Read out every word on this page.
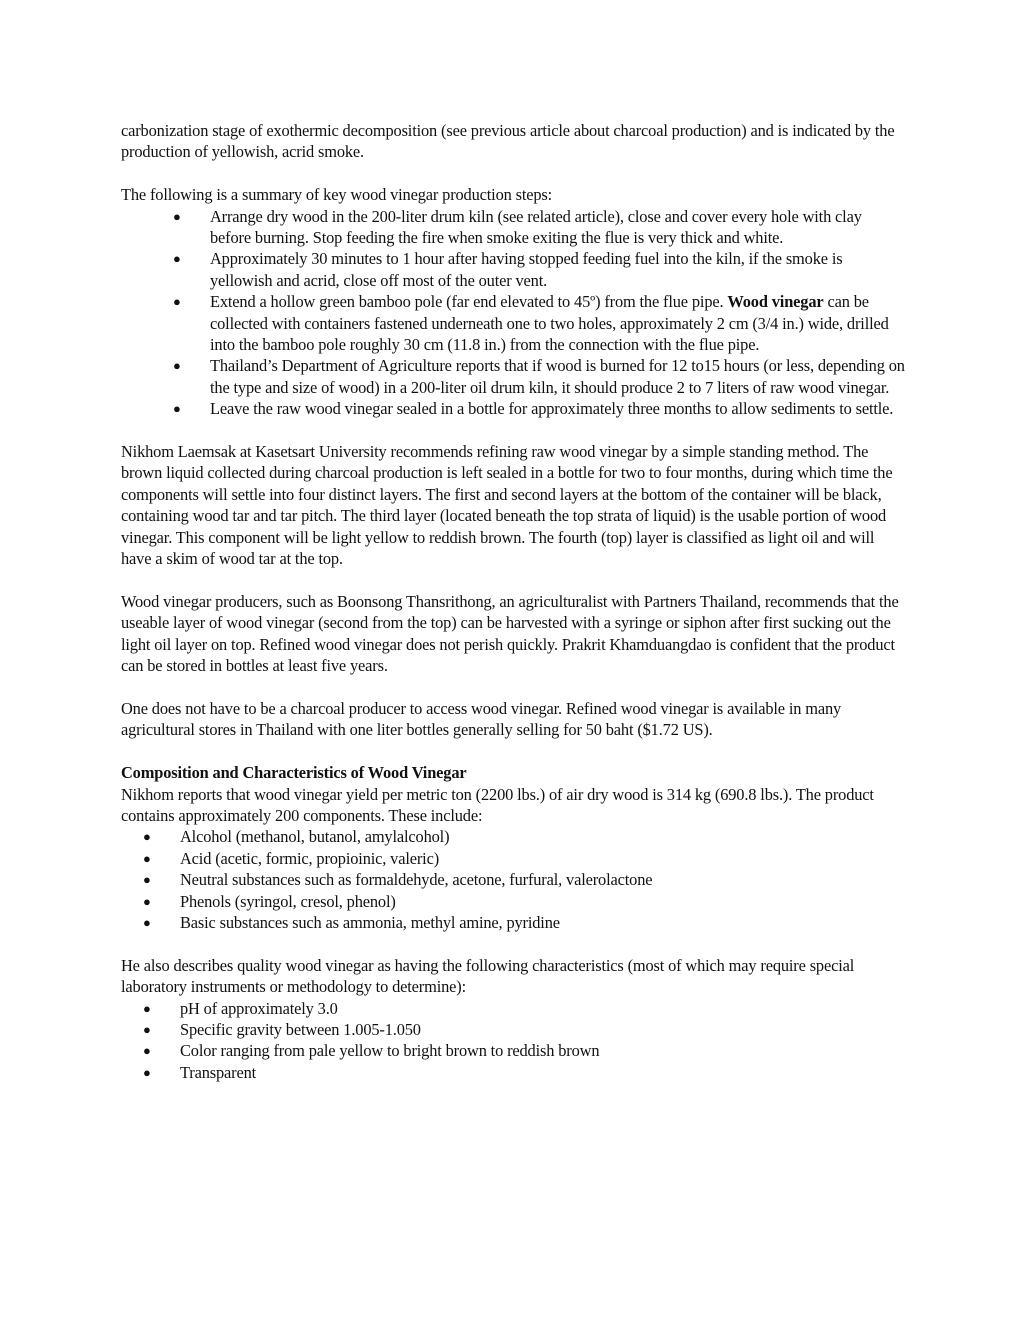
carbonization stage of exothermic decomposition (see previous article about charcoal production) and is indicated by the production of yellowish, acrid smoke.

The following is a summary of key wood vinegar production steps:

● Arrange dry wood in the 200-liter drum kiln (see related article), close and cover every hole with clay before burning. Stop feeding the fire when smoke exiting the flue is very thick and white.
● Approximately 30 minutes to 1 hour after having stopped feeding fuel into the kiln, if the smoke is yellowish and acrid, close off most of the outer vent.
● Extend a hollow green bamboo pole (far end elevated to 45º) from the flue pipe. Wood vinegar can be collected with containers fastened underneath one to two holes, approximately 2 cm (3/4 in.) wide, drilled into the bamboo pole roughly 30 cm (11.8 in.) from the connection with the flue pipe.
● Thailand’s Department of Agriculture reports that if wood is burned for 12 to15 hours (or less, depending on the type and size of wood) in a 200-liter oil drum kiln, it should produce 2 to 7 liters of raw wood vinegar.
● Leave the raw wood vinegar sealed in a bottle for approximately three months to allow sediments to settle.

Nikhom Laemsak at Kasetsart University recommends refining raw wood vinegar by a simple standing method. The brown liquid collected during charcoal production is left sealed in a bottle for two to four months, during which time the components will settle into four distinct layers. The first and second layers at the bottom of the container will be black, containing wood tar and tar pitch. The third layer (located beneath the top strata of liquid) is the usable portion of wood vinegar. This component will be light yellow to reddish brown. The fourth (top) layer is classified as light oil and will have a skim of wood tar at the top.

Wood vinegar producers, such as Boonsong Thansrithong, an agriculturalist with Partners Thailand, recommends that the useable layer of wood vinegar (second from the top) can be harvested with a syringe or siphon after first sucking out the light oil layer on top. Refined wood vinegar does not perish quickly. Prakrit Khamduangdao is confident that the product can be stored in bottles at least five years.

One does not have to be a charcoal producer to access wood vinegar. Refined wood vinegar is available in many agricultural stores in Thailand with one liter bottles generally selling for 50 baht ($1.72 US).

Composition and Characteristics of Wood Vinegar

Nikhom reports that wood vinegar yield per metric ton (2200 lbs.) of air dry wood is 314 kg (690.8 lbs.). The product contains approximately 200 components. These include:

● Alcohol (methanol, butanol, amylalcohol)
● Acid (acetic, formic, propioinic, valeric)
● Neutral substances such as formaldehyde, acetone, furfural, valerolactone
● Phenols (syringol, cresol, phenol)
● Basic substances such as ammonia, methyl amine, pyridine

He also describes quality wood vinegar as having the following characteristics (most of which may require special laboratory instruments or methodology to determine):

● pH of approximately 3.0
● Specific gravity between 1.005-1.050
● Color ranging from pale yellow to bright brown to reddish brown
● Transparent
